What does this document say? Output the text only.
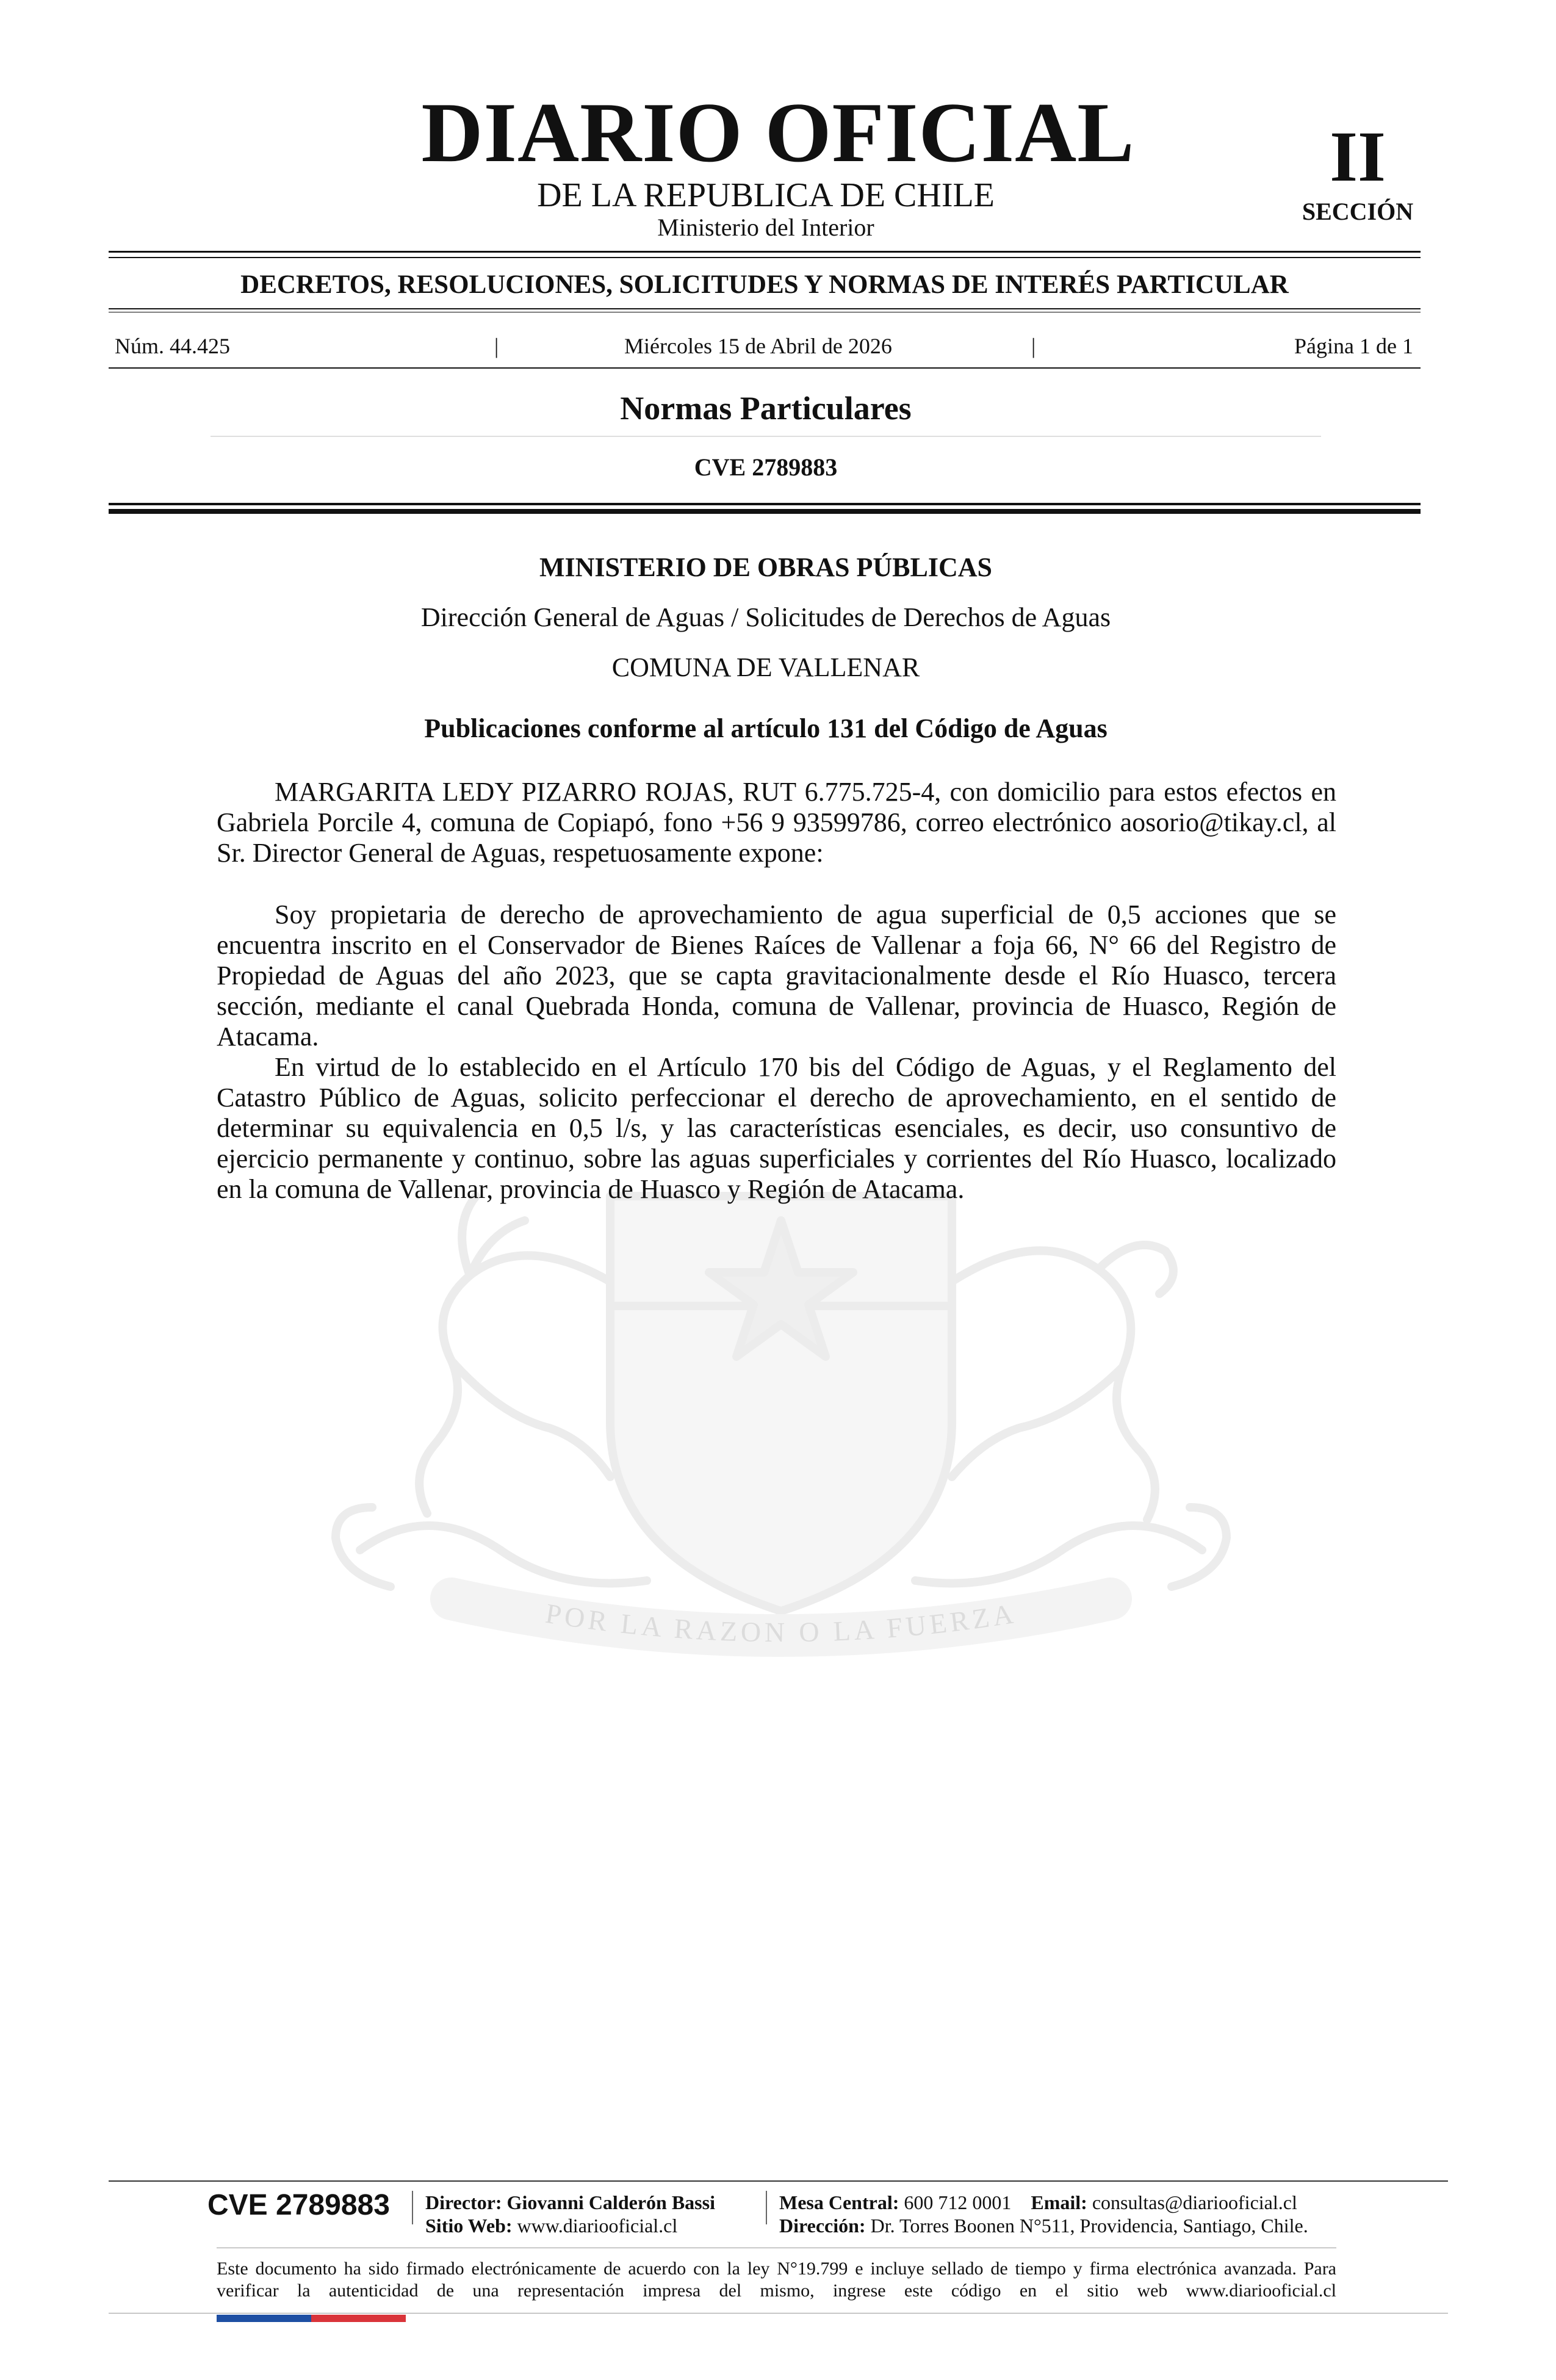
DIARIO OFICIAL
DE LA REPUBLICA DE CHILE
Ministerio del Interior
II
SECCIÓN
DECRETOS, RESOLUCIONES, SOLICITUDES Y NORMAS DE INTERÉS PARTICULAR
Núm. 44.425	|	Miércoles 15 de Abril de 2026	|	Página 1 de 1
Normas Particulares
CVE 2789883
POR LA RAZON O LA FUERZA
MINISTERIO DE OBRAS PÚBLICAS
Dirección General de Aguas / Solicitudes de Derechos de Aguas
COMUNA DE VALLENAR
Publicaciones conforme al artículo 131 del Código de Aguas

MARGARITA LEDY PIZARRO ROJAS, RUT 6.775.725-4, con domicilio para estos efectos en Gabriela Porcile 4, comuna de Copiapó, fono +56 9 93599786, correo electrónico aosorio@tikay.cl, al Sr. Director General de Aguas, respetuosamente expone:

Soy propietaria de derecho de aprovechamiento de agua superficial de 0,5 acciones que se encuentra inscrito en el Conservador de Bienes Raíces de Vallenar a foja 66, N° 66 del Registro de Propiedad de Aguas del año 2023, que se capta gravitacionalmente desde el Río Huasco, tercera sección, mediante el canal Quebrada Honda, comuna de Vallenar, provincia de Huasco, Región de Atacama.

En virtud de lo establecido en el Artículo 170 bis del Código de Aguas, y el Reglamento del Catastro Público de Aguas, solicito perfeccionar el derecho de aprovechamiento, en el sentido de determinar su equivalencia en 0,5 l/s, y las características esenciales, es decir, uso consuntivo de ejercicio permanente y continuo, sobre las aguas superficiales y corrientes del Río Huasco, localizado en la comuna de Vallenar, provincia de Huasco y Región de Atacama.

CVE 2789883 Director: Giovanni Calderón Bassi
Sitio Web: www.diariooficial.cl
Mesa Central: 600 712 0001 Email: consultas@diariooficial.cl
Dirección: Dr. Torres Boonen N°511, Providencia, Santiago, Chile.
Este documento ha sido firmado electrónicamente de acuerdo con la ley N°19.799 e incluye sellado de tiempo y firma electrónica avanzada. Para verificar la autenticidad de una representación impresa del mismo, ingrese este código en el sitio web www.diariooficial.cl
